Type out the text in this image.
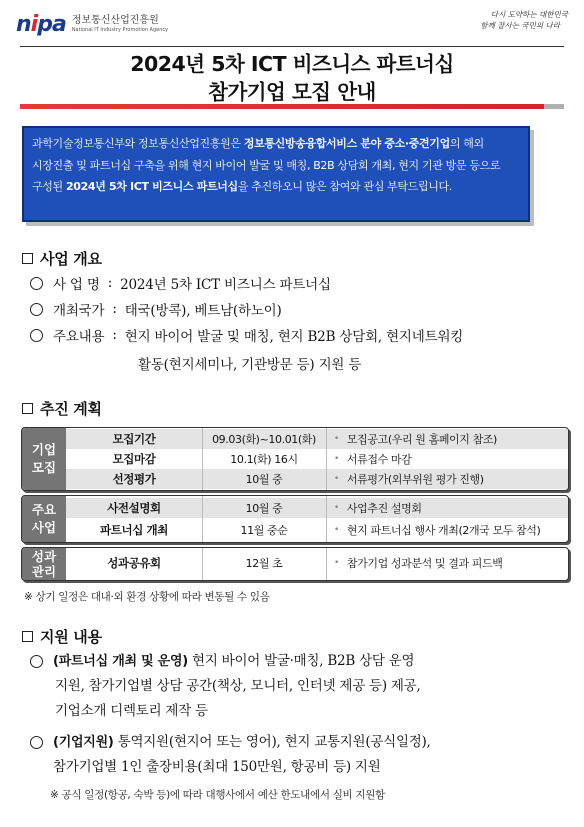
nipa 정보통신산업진흥원
National IT Industry Promotion Agency
다시 도약하는 대한민국
함께 잘사는 국민의 나라
2024년 5차 ICT 비즈니스 파트너십
참가기업 모집 안내
과학기술정보통신부와 정보통신산업진흥원은 정보통신방송융합서비스 분야 중소·중견기업의 해외 시장진출 및 파트너십 구축을 위해 현지 바이어 발굴 및 매칭, B2B 상담회 개최, 현지 기관 방문 등으로 구성된 2024년 5차 ICT 비즈니스 파트너십을 추진하오니 많은 참여와 관심 부탁드립니다.
사업 개요
사 업 명 : 2024년 5차 ICT 비즈니스 파트너십
개최국가 : 태국(방콕), 베트남(하노이)
주요내용 : 현지 바이어 발굴 및 매칭, 현지 B2B 상담회, 현지네트워킹
활동(현지세미나, 기관방문 등) 지원 등
추진 계획
기업
모집
모집기간	09.03(화)~10.01(화)	• 모집공고(우리 원 홈페이지 참조)
모집마감	10.1(화) 16시	• 서류접수 마감
선정평가	10월 중	• 서류평가(외부위원 평가 진행)
주요
사업
사전설명회	10월 중	• 사업추진 설명회
파트너십 개최	11월 중순	• 현지 파트너십 행사 개최(2개국 모두 참석)
성과
관리
성과공유회	12월 초	• 참가기업 성과분석 및 결과 피드백
※ 상기 일정은 대내·외 환경 상황에 따라 변동될 수 있음
지원 내용
(파트너십 개최 및 운영) 현지 바이어 발굴·매칭, B2B 상담 운영
지원, 참가기업별 상담 공간(책상, 모니터, 인터넷 제공 등) 제공,
기업소개 디렉토리 제작 등
(기업지원) 통역지원(현지어 또는 영어), 현지 교통지원(공식일정),
참가기업별 1인 출장비용(최대 150만원, 항공비 등) 지원
※ 공식 일정(항공, 숙박 등)에 따라 대행사에서 예산 한도내에서 실비 지원함
